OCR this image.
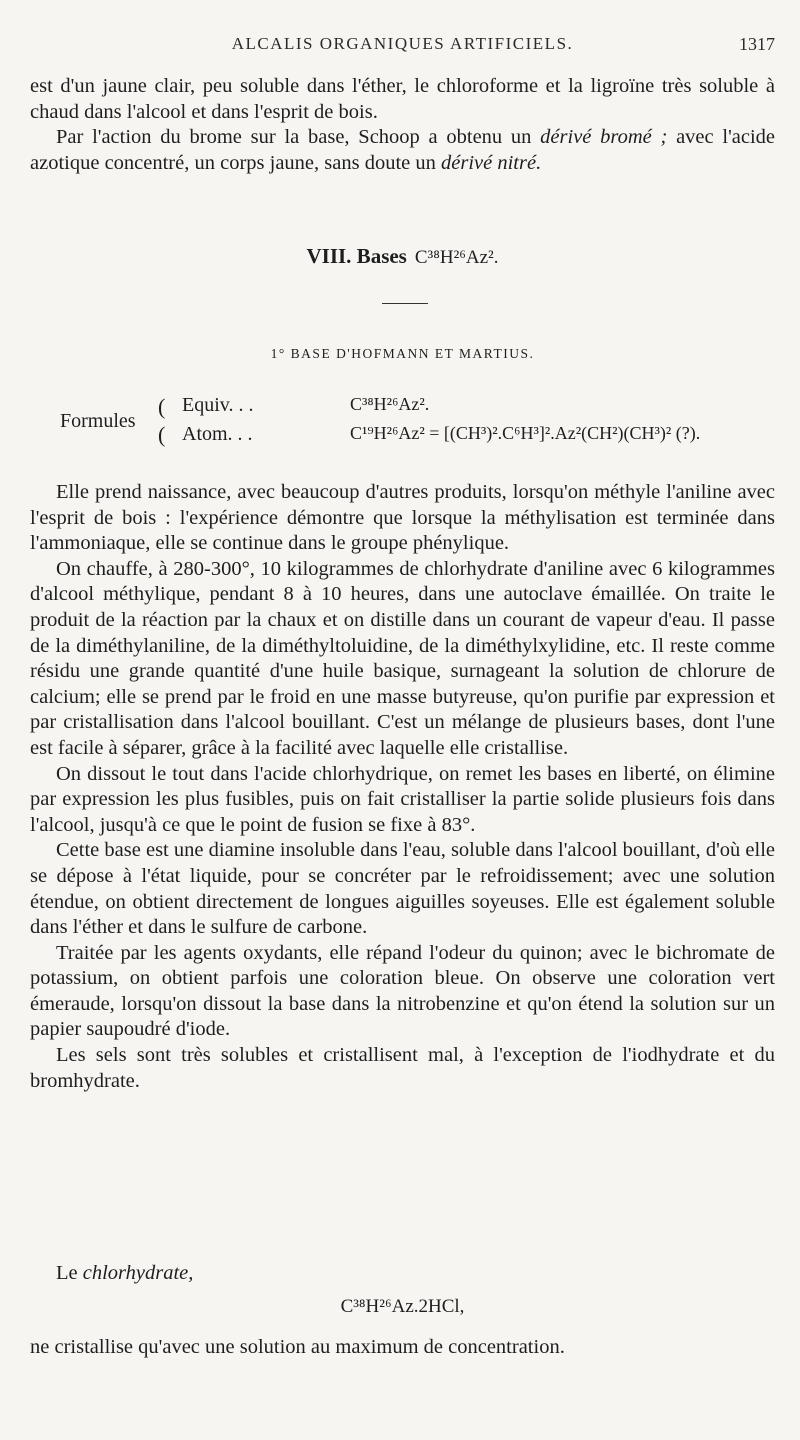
ALCALIS ORGANIQUES ARTIFICIELS.	1317

est d'un jaune clair, peu soluble dans l'éther, le chloroforme et la ligroïne très soluble à chaud dans l'alcool et dans l'esprit de bois.

Par l'action du brome sur la base, Schoop a obtenu un dérivé bromé ; avec l'acide azotique concentré, un corps jaune, sans doute un dérivé nitré.

VIII. Bases C³⁸H²⁶Az².
1° BASE D'HOFMANN ET MARTIUS.
Formules
(
(
Equiv. . .	C³⁸H²⁶Az².
Atom. . .	C¹⁹H²⁶Az² = [(CH³)².C⁶H³]².Az²(CH²)(CH³)² (?).

Elle prend naissance, avec beaucoup d'autres produits, lorsqu'on méthyle l'aniline avec l'esprit de bois : l'expérience démontre que lorsque la méthylisation est terminée dans l'ammoniaque, elle se continue dans le groupe phénylique.

On chauffe, à 280-300°, 10 kilogrammes de chlorhydrate d'aniline avec 6 kilogrammes d'alcool méthylique, pendant 8 à 10 heures, dans une autoclave émaillée. On traite le produit de la réaction par la chaux et on distille dans un courant de vapeur d'eau. Il passe de la diméthylaniline, de la diméthyltoluidine, de la diméthylxylidine, etc. Il reste comme résidu une grande quantité d'une huile basique, surnageant la solution de chlorure de calcium; elle se prend par le froid en une masse butyreuse, qu'on purifie par expression et par cristallisation dans l'alcool bouillant. C'est un mélange de plusieurs bases, dont l'une est facile à séparer, grâce à la facilité avec laquelle elle cristallise.

On dissout le tout dans l'acide chlorhydrique, on remet les bases en liberté, on élimine par expression les plus fusibles, puis on fait cristalliser la partie solide plusieurs fois dans l'alcool, jusqu'à ce que le point de fusion se fixe à 83°.

Cette base est une diamine insoluble dans l'eau, soluble dans l'alcool bouillant, d'où elle se dépose à l'état liquide, pour se concréter par le refroidissement; avec une solution étendue, on obtient directement de longues aiguilles soyeuses. Elle est également soluble dans l'éther et dans le sulfure de carbone.

Traitée par les agents oxydants, elle répand l'odeur du quinon; avec le bichromate de potassium, on obtient parfois une coloration bleue. On observe une coloration vert émeraude, lorsqu'on dissout la base dans la nitrobenzine et qu'on étend la solution sur un papier saupoudré d'iode.

Les sels sont très solubles et cristallisent mal, à l'exception de l'iodhydrate et du bromhydrate.

Le chlorhydrate,
C³⁸H²⁶Az.2HCl,

ne cristallise qu'avec une solution au maximum de concentration.
